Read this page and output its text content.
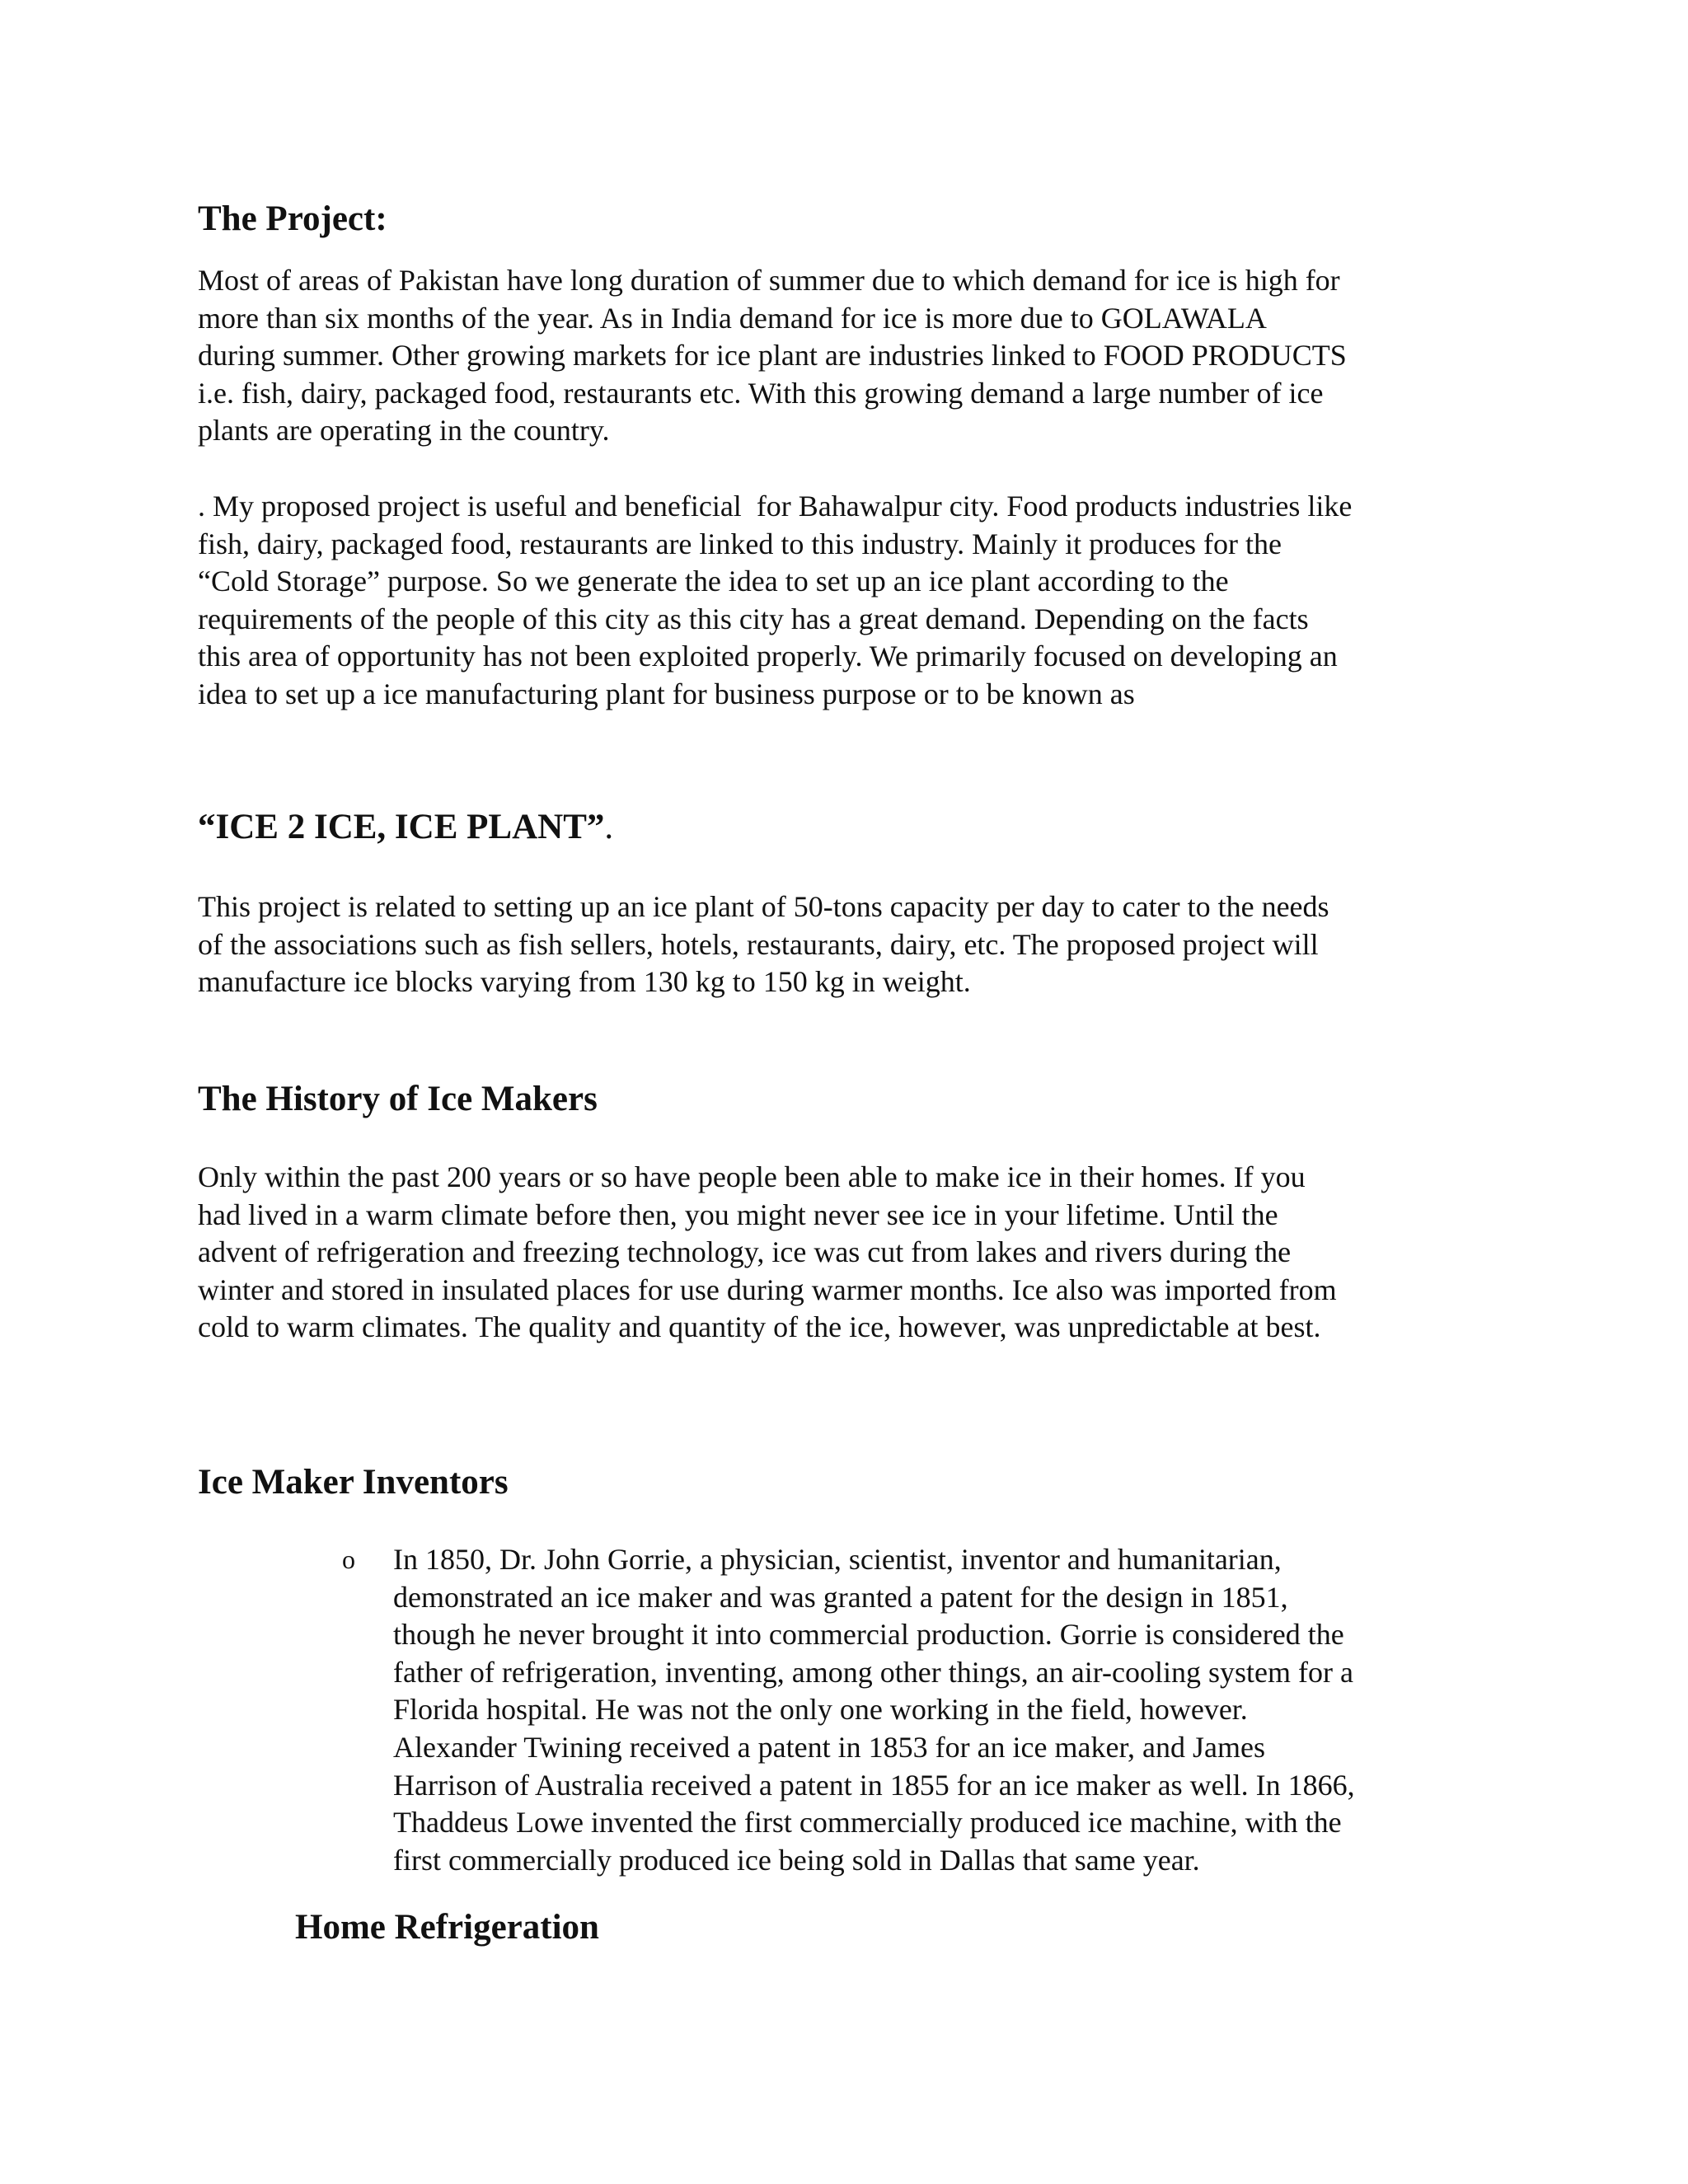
The Project:
Most of areas of Pakistan have long duration of summer due to which demand for ice is high for
more than six months of the year. As in India demand for ice is more due to GOLAWALA
during summer. Other growing markets for ice plant are industries linked to FOOD PRODUCTS
i.e. fish, dairy, packaged food, restaurants etc. With this growing demand a large number of ice
plants are operating in the country.
. My proposed project is useful and beneficial  for Bahawalpur city. Food products industries like
fish, dairy, packaged food, restaurants are linked to this industry. Mainly it produces for the
“Cold Storage” purpose. So we generate the idea to set up an ice plant according to the
requirements of the people of this city as this city has a great demand. Depending on the facts
this area of opportunity has not been exploited properly. We primarily focused on developing an
idea to set up a ice manufacturing plant for business purpose or to be known as
“ICE 2 ICE, ICE PLANT”.
This project is related to setting up an ice plant of 50-tons capacity per day to cater to the needs
of the associations such as fish sellers, hotels, restaurants, dairy, etc. The proposed project will
manufacture ice blocks varying from 130 kg to 150 kg in weight.
The History of Ice Makers
Only within the past 200 years or so have people been able to make ice in their homes. If you
had lived in a warm climate before then, you might never see ice in your lifetime. Until the
advent of refrigeration and freezing technology, ice was cut from lakes and rivers during the
winter and stored in insulated places for use during warmer months. Ice also was imported from
cold to warm climates. The quality and quantity of the ice, however, was unpredictable at best.
Ice Maker Inventors
o In 1850, Dr. John Gorrie, a physician, scientist, inventor and humanitarian,
demonstrated an ice maker and was granted a patent for the design in 1851,
though he never brought it into commercial production. Gorrie is considered the
father of refrigeration, inventing, among other things, an air-cooling system for a
Florida hospital. He was not the only one working in the field, however.
Alexander Twining received a patent in 1853 for an ice maker, and James
Harrison of Australia received a patent in 1855 for an ice maker as well. In 1866,
Thaddeus Lowe invented the first commercially produced ice machine, with the
first commercially produced ice being sold in Dallas that same year.
Home Refrigeration
